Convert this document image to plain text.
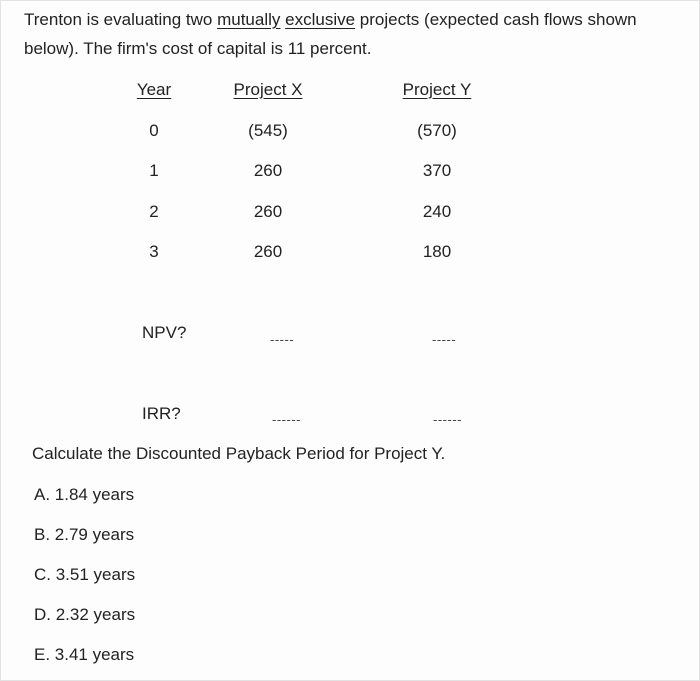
Trenton is evaluating two mutually exclusive projects (expected cash flows shown
below). The firm's cost of capital is 11 percent.
Year	Project X	Project Y
0	(545)	(570)
1	260	370
2	260	240
3	260	180
NPV?	-----	-----
IRR?	------	------
Calculate the Discounted Payback Period for Project Y.
A. 1.84 years
B. 2.79 years
C. 3.51 years
D. 2.32 years
E. 3.41 years
